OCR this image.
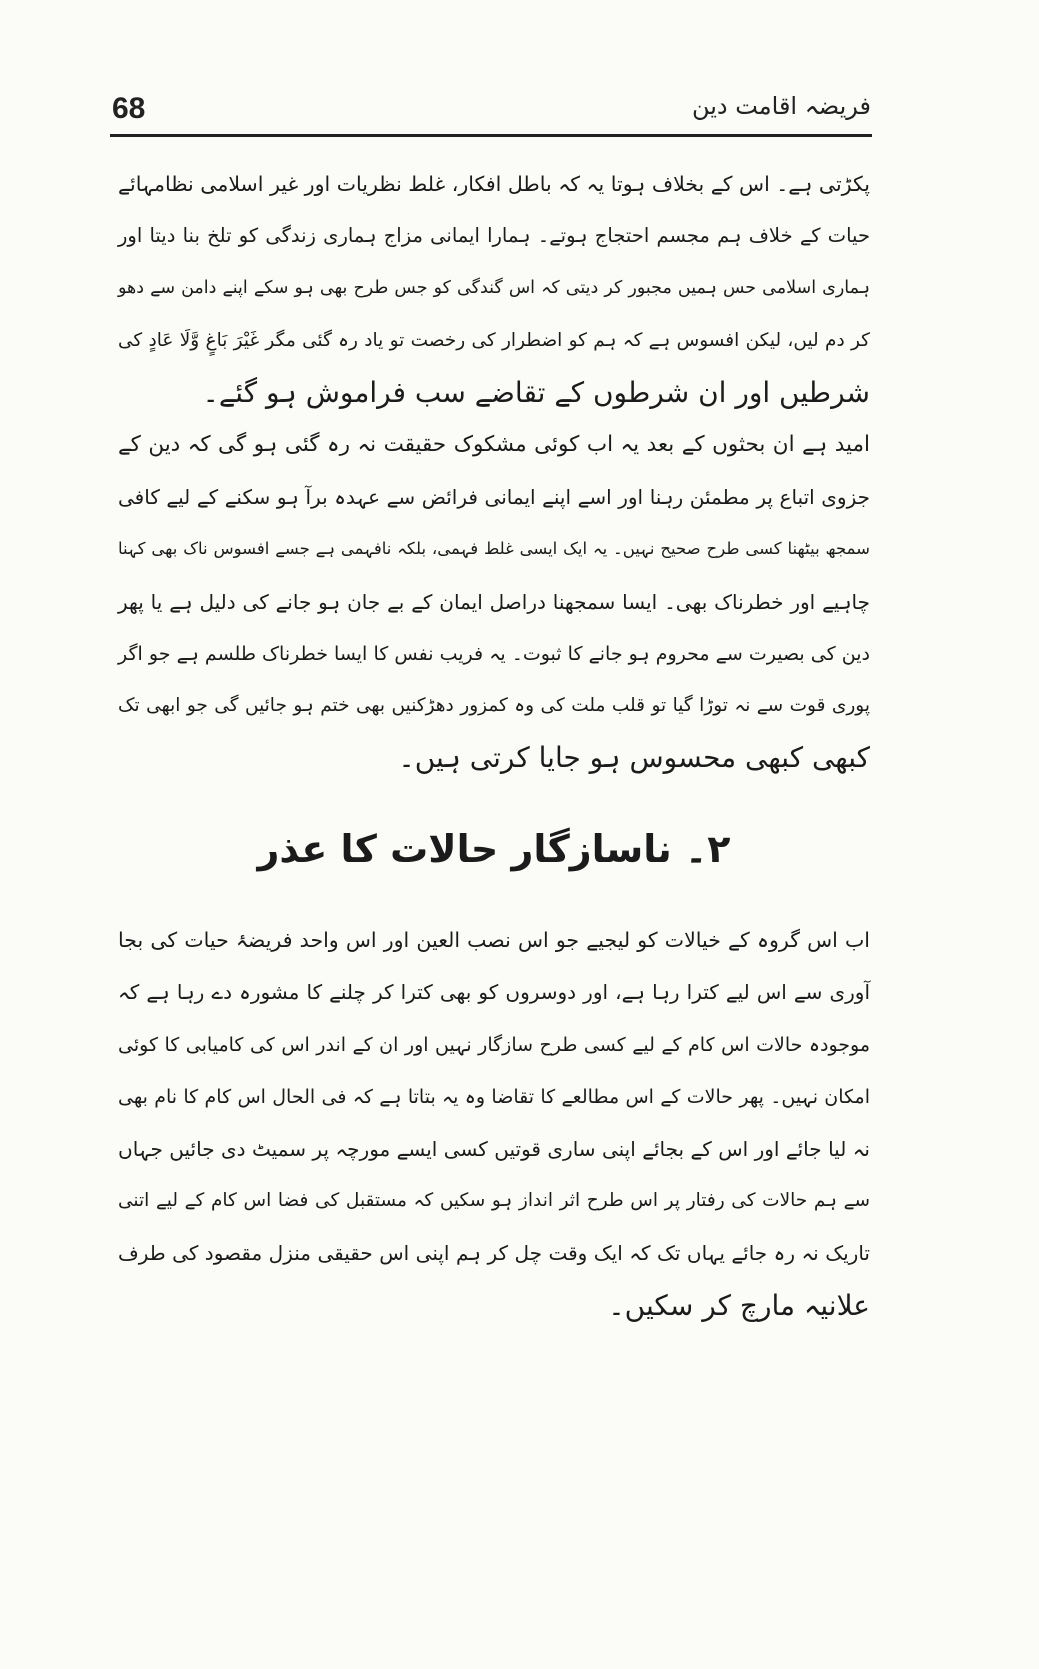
68	فریضہ اقامت دین
پکڑتی ہے۔ اس کے بخلاف ہوتا یہ کہ باطل افکار، غلط نظریات اور غیر اسلامی نظامہائے
حیات کے خلاف ہم مجسم احتجاج ہوتے۔ ہمارا ایمانی مزاج ہماری زندگی کو تلخ بنا دیتا اور
ہماری اسلامی حس ہمیں مجبور کر دیتی کہ اس گندگی کو جس طرح بھی ہو سکے اپنے دامن سے دھو
کر دم لیں، لیکن افسوس ہے کہ ہم کو اضطرار کی رخصت تو یاد رہ گئی مگر غَيْرَ بَاغٍ وَّلَا عَادٍ کی
شرطیں اور ان شرطوں کے تقاضے سب فراموش ہو گئے۔
امید ہے ان بحثوں کے بعد یہ اب کوئی مشکوک حقیقت نہ رہ گئی ہو گی کہ دین کے
جزوی اتباع پر مطمئن رہنا اور اسے اپنے ایمانی فرائض سے عہدہ برآ ہو سکنے کے لیے کافی
سمجھ بیٹھنا کسی طرح صحیح نہیں۔ یہ ایک ایسی غلط فہمی، بلکہ نافہمی ہے جسے افسوس ناک بھی کہنا
چاہیے اور خطرناک بھی۔ ایسا سمجھنا دراصل ایمان کے بے جان ہو جانے کی دلیل ہے یا پھر
دین کی بصیرت سے محروم ہو جانے کا ثبوت۔ یہ فریب نفس کا ایسا خطرناک طلسم ہے جو اگر
پوری قوت سے نہ توڑا گیا تو قلب ملت کی وہ کمزور دھڑکنیں بھی ختم ہو جائیں گی جو ابھی تک
کبھی کبھی محسوس ہو جایا کرتی ہیں۔
۲۔ ناسازگار حالات کا عذر
اب اس گروہ کے خیالات کو لیجیے جو اس نصب العین اور اس واحد فریضۂ حیات کی بجا
آوری سے اس لیے کترا رہا ہے، اور دوسروں کو بھی کترا کر چلنے کا مشورہ دے رہا ہے کہ
موجودہ حالات اس کام کے لیے کسی طرح سازگار نہیں اور ان کے اندر اس کی کامیابی کا کوئی
امکان نہیں۔ پھر حالات کے اس مطالعے کا تقاضا وہ یہ بتاتا ہے کہ فی الحال اس کام کا نام بھی
نہ لیا جائے اور اس کے بجائے اپنی ساری قوتیں کسی ایسے مورچہ پر سمیٹ دی جائیں جہاں
سے ہم حالات کی رفتار پر اس طرح اثر انداز ہو سکیں کہ مستقبل کی فضا اس کام کے لیے اتنی
تاریک نہ رہ جائے یہاں تک کہ ایک وقت چل کر ہم اپنی اس حقیقی منزل مقصود کی طرف
علانیہ مارچ کر سکیں۔
